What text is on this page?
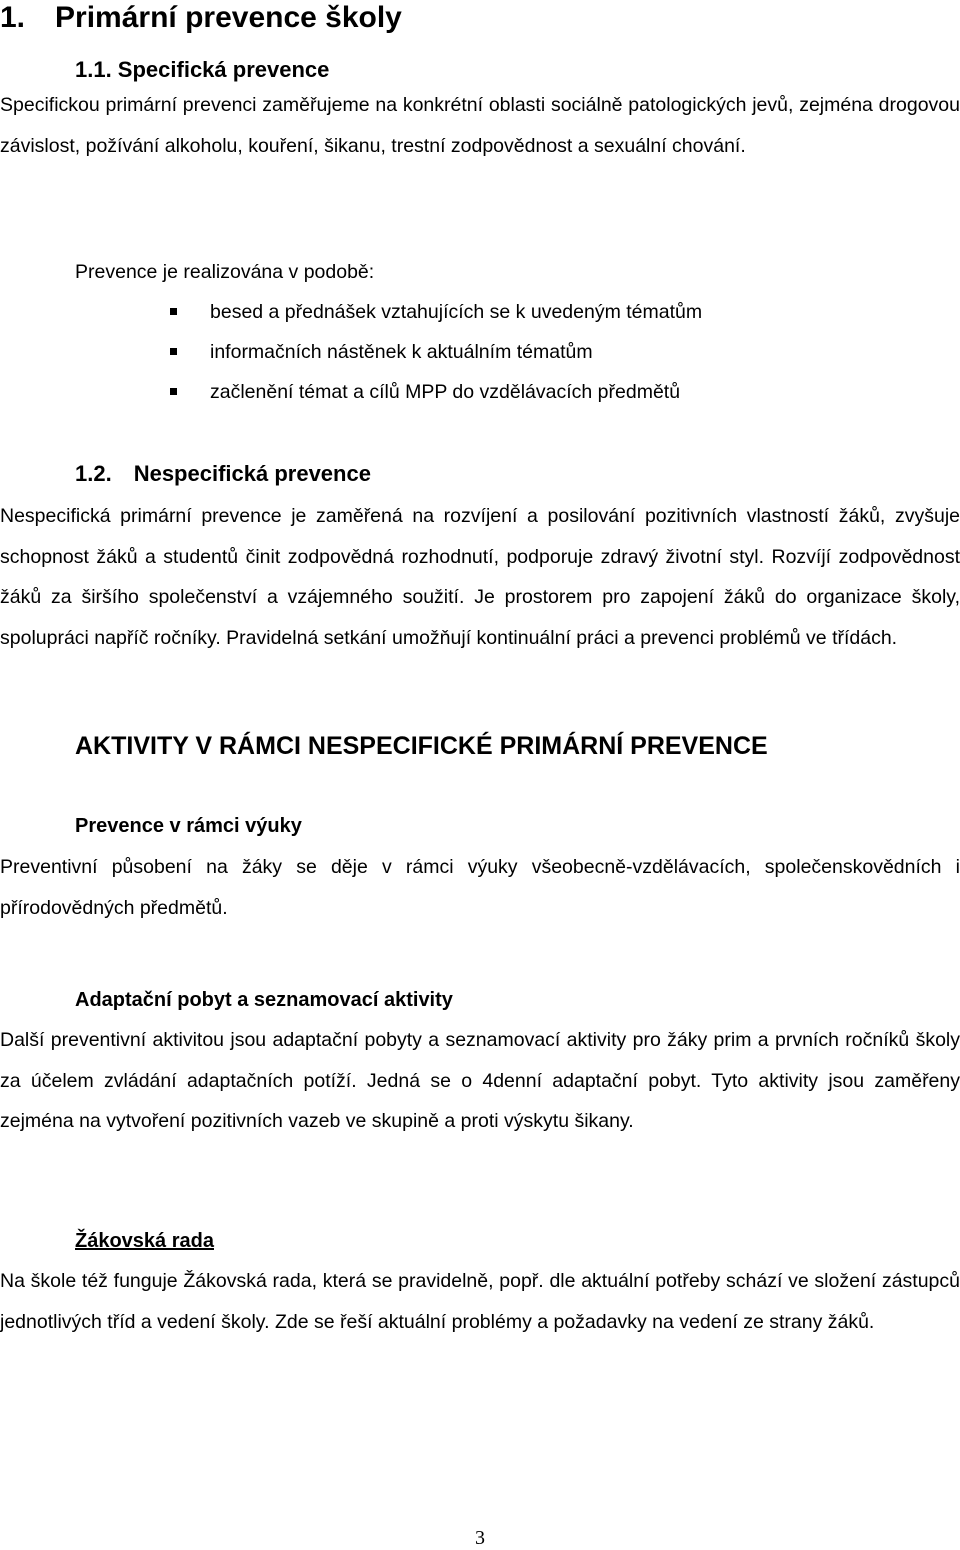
1. Primární prevence školy
1.1. Specifická prevence
Specifickou primární prevenci zaměřujeme na konkrétní oblasti sociálně patologických jevů, zejména drogovou závislost, požívání alkoholu, kouření, šikanu, trestní zodpovědnost a sexuální chování.
Prevence je realizována v podobě:
besed a přednášek vztahujících se k uvedeným tématům
informačních nástěnek k aktuálním tématům
začlenění témat a cílů MPP do vzdělávacích předmětů
1.2. Nespecifická prevence
Nespecifická primární prevence je zaměřená na rozvíjení a posilování pozitivních vlastností žáků, zvyšuje schopnost žáků a studentů činit zodpovědná rozhodnutí, podporuje zdravý životní styl. Rozvíjí zodpovědnost žáků za širšího společenství a vzájemného soužití. Je prostorem pro zapojení žáků do organizace školy, spolupráci napříč ročníky. Pravidelná setkání umožňují kontinuální práci a prevenci problémů ve třídách.
AKTIVITY V RÁMCI NESPECIFICKÉ PRIMÁRNÍ PREVENCE
Prevence v rámci výuky
Preventivní působení na žáky se děje v rámci výuky všeobecně-vzdělávacích, společenskovědních i přírodovědných předmětů.
Adaptační pobyt a seznamovací aktivity
Další preventivní aktivitou jsou adaptační pobyty a seznamovací aktivity pro žáky prim a prvních ročníků školy za účelem zvládání adaptačních potíží. Jedná se o 4denní adaptační pobyt. Tyto aktivity jsou zaměřeny zejména na vytvoření pozitivních vazeb ve skupině a proti výskytu šikany.
Žákovská rada
Na škole též funguje Žákovská rada, která se pravidelně, popř. dle aktuální potřeby schází ve složení zástupců jednotlivých tříd a vedení školy. Zde se řeší aktuální problémy a požadavky na vedení ze strany žáků.
3
